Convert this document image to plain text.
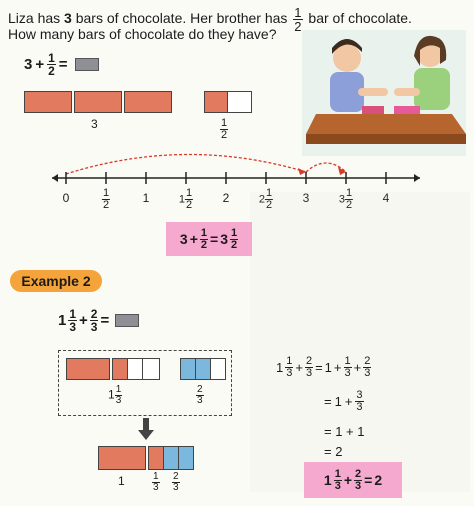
Liza has 3 bars of chocolate. Her brother has $\frac{1}{2}$ bar of chocolate.
How many bars of chocolate do they have?
$3 + \frac{1}{2}$ =
3	$\frac{1}{2}$
0	$\frac{1}{2}$	1	$1 \frac{1}{2} 2$	$2 \frac{1}{2} 3$	$3 \frac{1}{2} 4$
$3 + \frac{1}{2} = 3 \frac{1}{2}$
Example 2
$1 \frac{1}{3} + \frac{2}{3}$ =
$1 \frac{1}{3}$	$\frac{2}{3}$
1	$\frac{1}{3} \frac{2}{3}$
$1 \frac{1}{3} + \frac{2}{3} = 1 + \frac{1}{3} + \frac{2}{3}$
= $1 + \frac{3}{3}$
= 1 + 1
= 2
$1 \frac{1}{3} + \frac{2}{3} = 2$
